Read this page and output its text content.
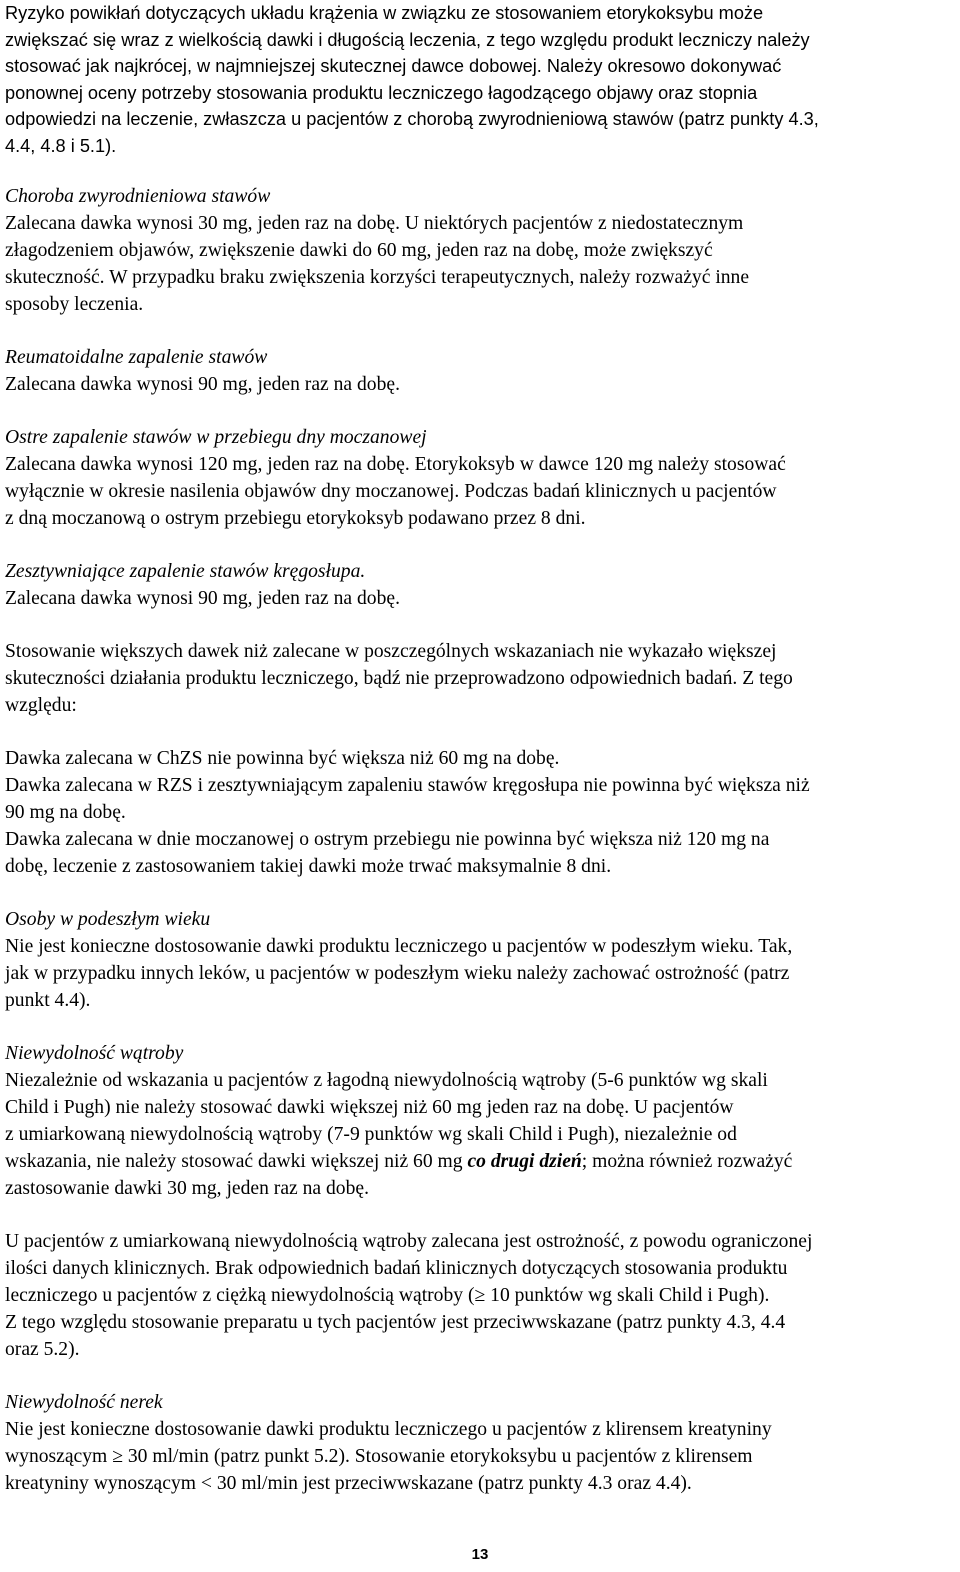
Ryzyko powikłań dotyczących układu krążenia w związku ze stosowaniem etorykoksybu może
zwiększać się wraz z wielkością dawki i długością leczenia, z tego względu produkt leczniczy należy
stosować jak najkrócej, w najmniejszej skutecznej dawce dobowej. Należy okresowo dokonywać
ponownej oceny potrzeby stosowania produktu leczniczego łagodzącego objawy oraz stopnia
odpowiedzi na leczenie, zwłaszcza u pacjentów z chorobą zwyrodnieniową stawów (patrz punkty 4.3,
4.4, 4.8 i 5.1).
Choroba zwyrodnieniowa stawów
Zalecana dawka wynosi 30 mg, jeden raz na dobę. U niektórych pacjentów z niedostatecznym
złagodzeniem objawów, zwiększenie dawki do 60 mg, jeden raz na dobę, może zwiększyć
skuteczność. W przypadku braku zwiększenia korzyści terapeutycznych, należy rozważyć inne
sposoby leczenia.
Reumatoidalne zapalenie stawów
Zalecana dawka wynosi 90 mg, jeden raz na dobę.
Ostre zapalenie stawów w przebiegu dny moczanowej
Zalecana dawka wynosi 120 mg, jeden raz na dobę. Etorykoksyb w dawce 120 mg należy stosować
wyłącznie w okresie nasilenia objawów dny moczanowej. Podczas badań klinicznych u pacjentów
z dną moczanową o ostrym przebiegu etorykoksyb podawano przez 8 dni.
Zesztywniające zapalenie stawów kręgosłupa.
Zalecana dawka wynosi 90 mg, jeden raz na dobę.
Stosowanie większych dawek niż zalecane w poszczególnych wskazaniach nie wykazało większej
skuteczności działania produktu leczniczego, bądź nie przeprowadzono odpowiednich badań. Z tego
względu:
Dawka zalecana w ChZS nie powinna być większa niż 60 mg na dobę.
Dawka zalecana w RZS i zesztywniającym zapaleniu stawów kręgosłupa nie powinna być większa niż
90 mg na dobę.
Dawka zalecana w dnie moczanowej o ostrym przebiegu nie powinna być większa niż 120 mg na
dobę, leczenie z zastosowaniem takiej dawki może trwać maksymalnie 8 dni.
Osoby w podeszłym wieku
Nie jest konieczne dostosowanie dawki produktu leczniczego u pacjentów w podeszłym wieku. Tak,
jak w przypadku innych leków, u pacjentów w podeszłym wieku należy zachować ostrożność (patrz
punkt 4.4).
Niewydolność wątroby
Niezależnie od wskazania u pacjentów z łagodną niewydolnością wątroby (5-6 punktów wg skali
Child i Pugh) nie należy stosować dawki większej niż 60 mg jeden raz na dobę. U pacjentów
z umiarkowaną niewydolnością wątroby (7-9 punktów wg skali Child i Pugh), niezależnie od
wskazania, nie należy stosować dawki większej niż 60 mg co drugi dzień; można również rozważyć
zastosowanie dawki 30 mg, jeden raz na dobę.
U pacjentów z umiarkowaną niewydolnością wątroby zalecana jest ostrożność, z powodu ograniczonej
ilości danych klinicznych. Brak odpowiednich badań klinicznych dotyczących stosowania produktu
leczniczego u pacjentów z ciężką niewydolnością wątroby (≥ 10 punktów wg skali Child i Pugh).
Z tego względu stosowanie preparatu u tych pacjentów jest przeciwwskazane (patrz punkty 4.3, 4.4
oraz 5.2).
Niewydolność nerek
Nie jest konieczne dostosowanie dawki produktu leczniczego u pacjentów z klirensem kreatyniny
wynoszącym ≥ 30 ml/min (patrz punkt 5.2). Stosowanie etorykoksybu u pacjentów z klirensem
kreatyniny wynoszącym < 30 ml/min jest przeciwwskazane (patrz punkty 4.3 oraz 4.4).
13
